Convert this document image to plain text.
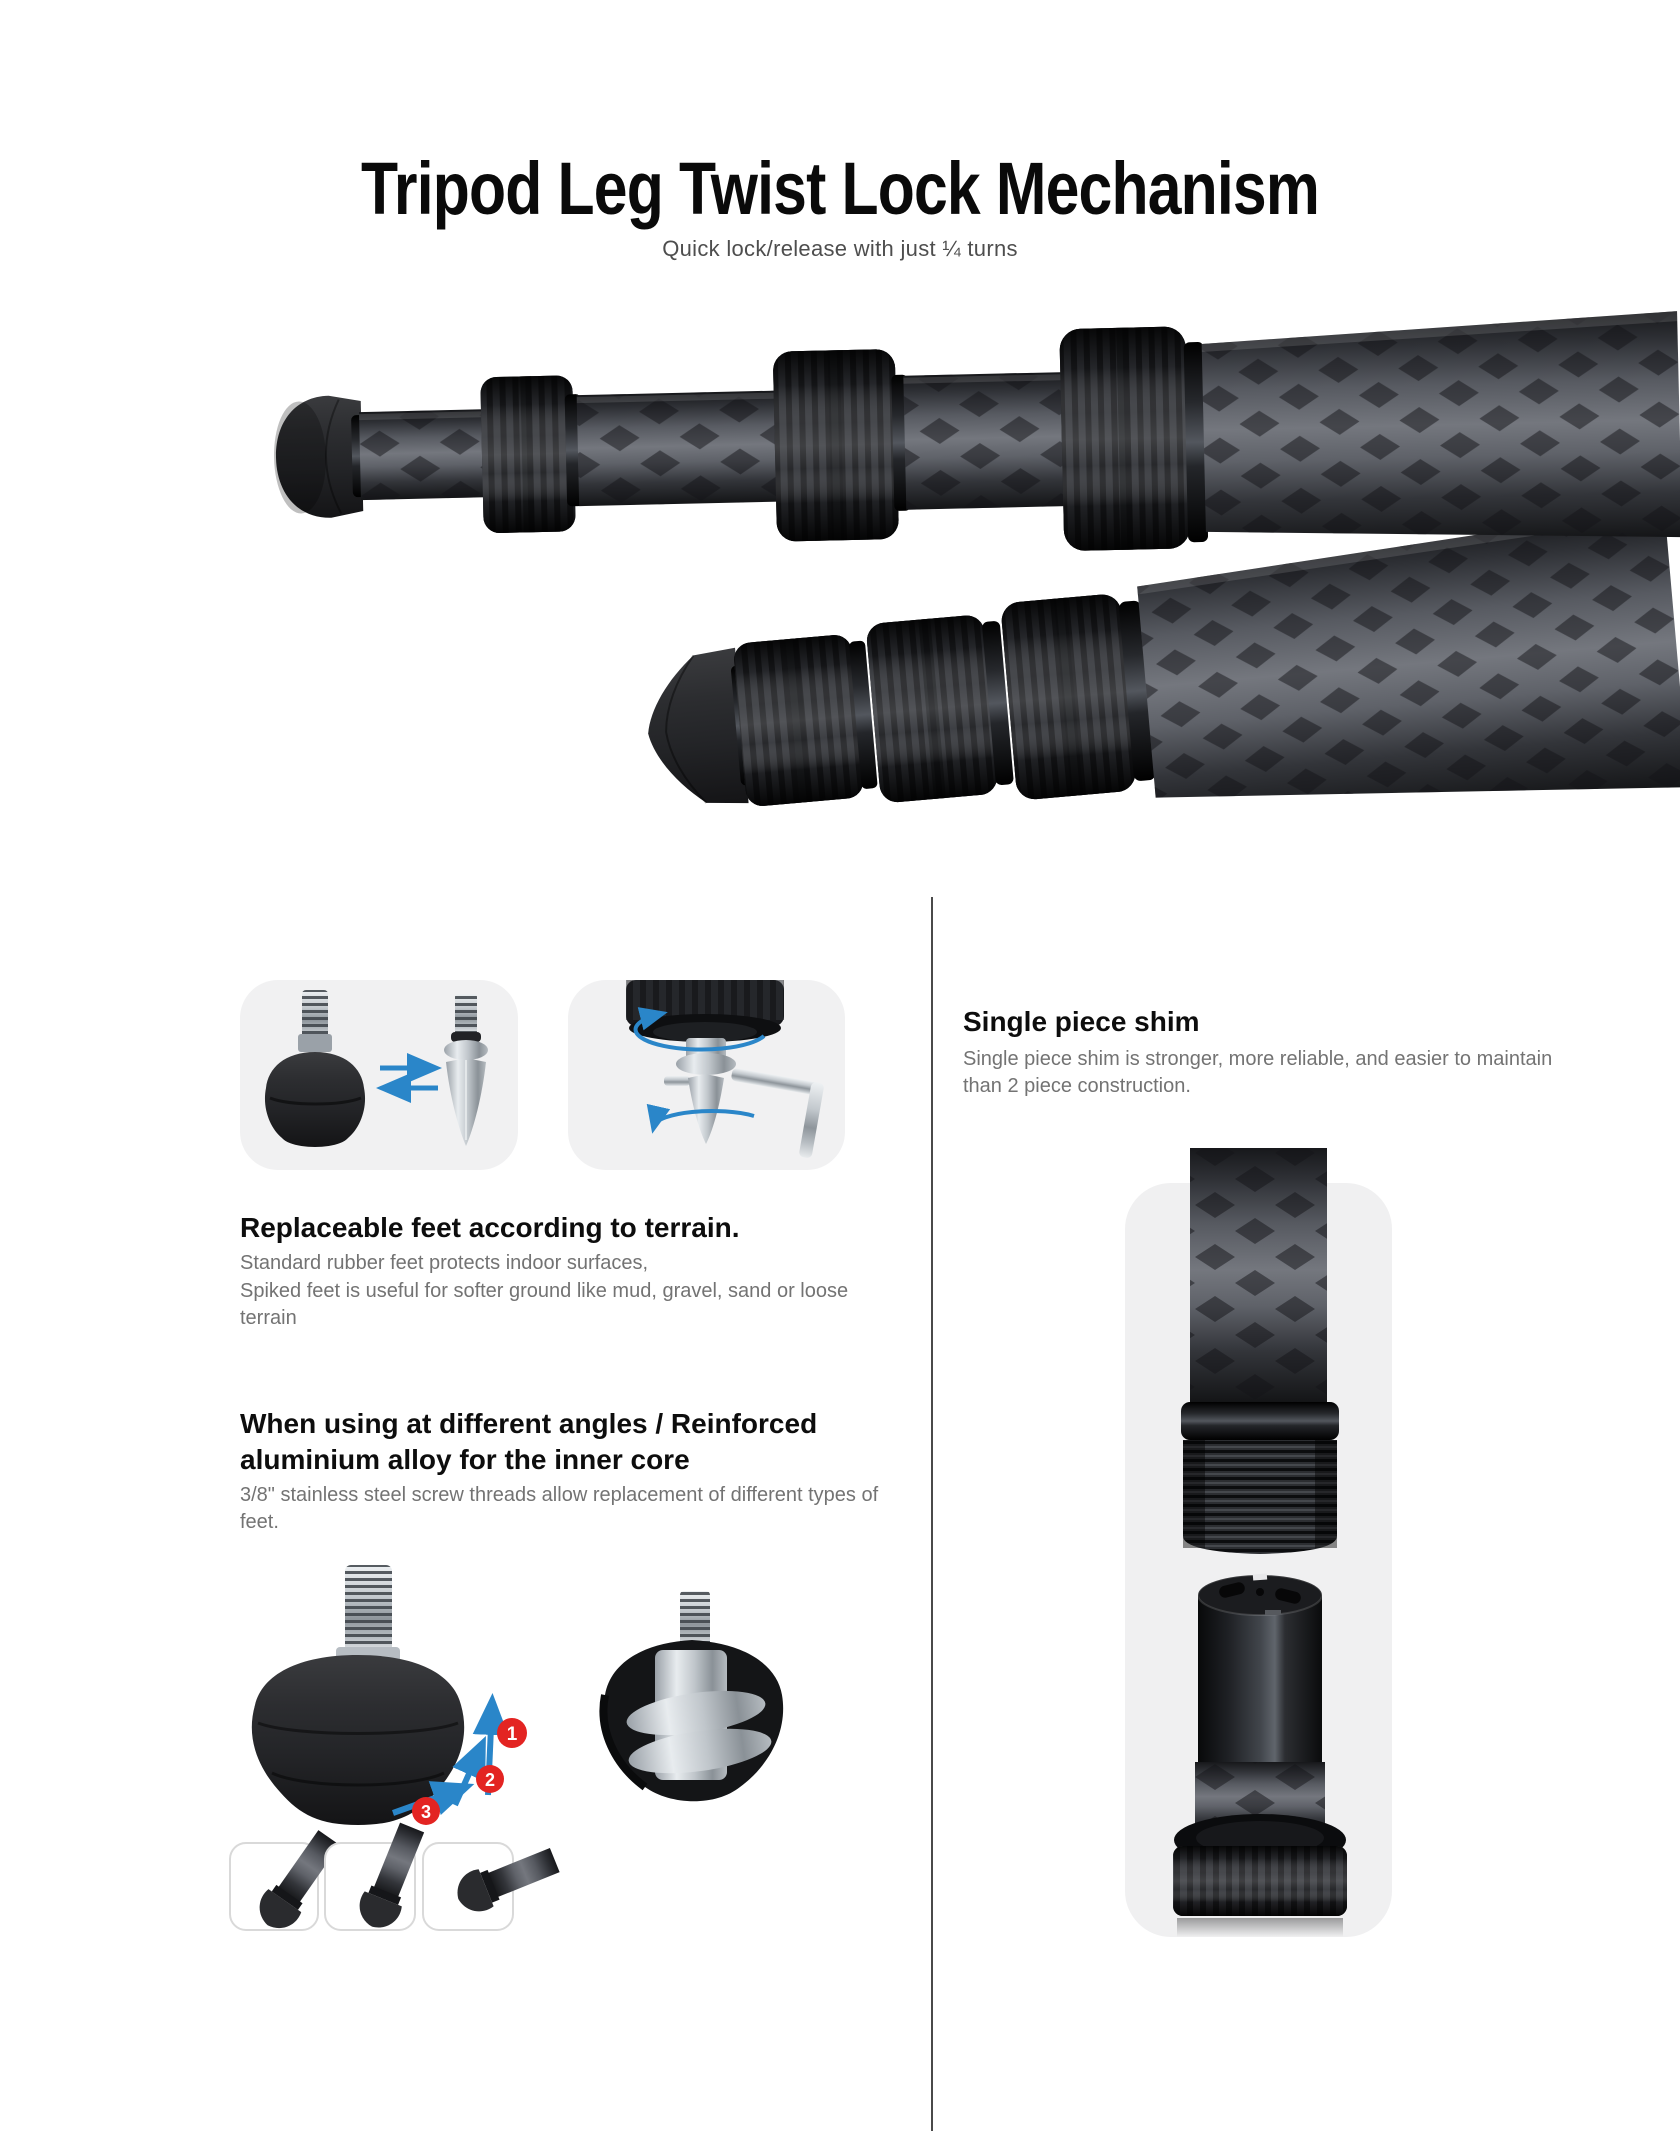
Tripod Leg Twist Lock Mechanism

Quick lock/release with just ¼ turns

Replaceable feet according to terrain.

Standard rubber feet protects indoor surfaces,

Spiked feet is useful for softer ground like mud, gravel, sand or loose terrain

When using at different angles / Reinforced aluminium alloy for the inner core

3/8" stainless steel screw threads allow replacement of different types of feet.

1
2
3
Single piece shim

Single piece shim is stronger, more reliable, and easier to maintain than 2 piece construction.
